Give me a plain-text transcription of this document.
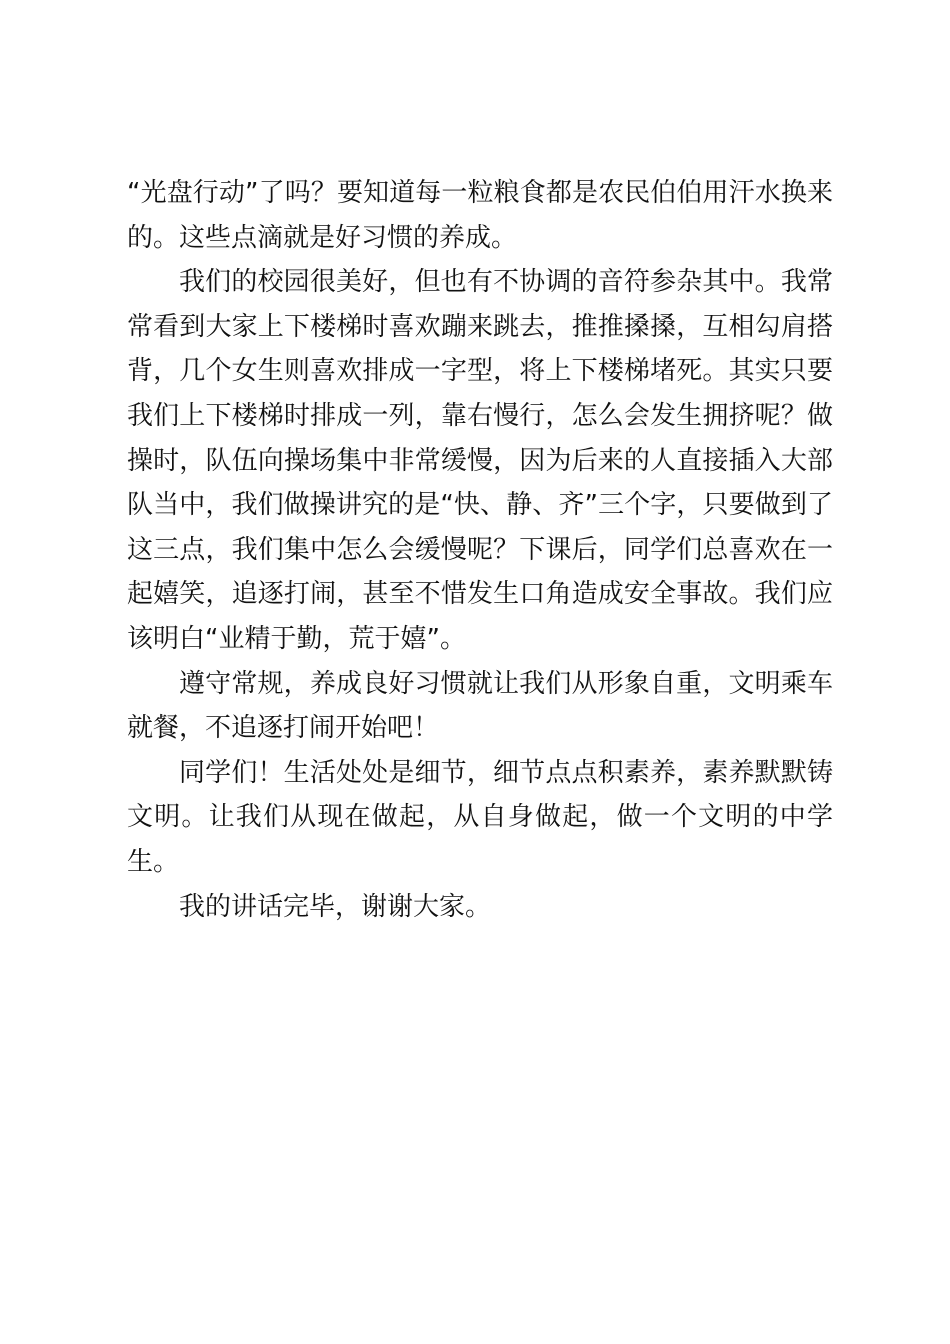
“光盘行动”了吗？要知道每一粒粮食都是农民伯伯用汗水换来的。这些点滴就是好习惯的养成。

我们的校园很美好，但也有不协调的音符参杂其中。我常常看到大家上下楼梯时喜欢蹦来跳去，推推搡搡，互相勾肩搭背，几个女生则喜欢排成一字型，将上下楼梯堵死。其实只要我们上下楼梯时排成一列，靠右慢行，怎么会发生拥挤呢？做操时，队伍向操场集中非常缓慢，因为后来的人直接插入大部队当中，我们做操讲究的是“快、静、齐”三个字，只要做到了这三点，我们集中怎么会缓慢呢？下课后，同学们总喜欢在一起嬉笑，追逐打闹，甚至不惜发生口角造成安全事故。我们应该明白“业精于勤，荒于嬉”。

遵守常规，养成良好习惯就让我们从形象自重，文明乘车就餐，不追逐打闹开始吧！

同学们！生活处处是细节，细节点点积素养，素养默默铸文明。让我们从现在做起，从自身做起，做一个文明的中学生。

我的讲话完毕，谢谢大家。
